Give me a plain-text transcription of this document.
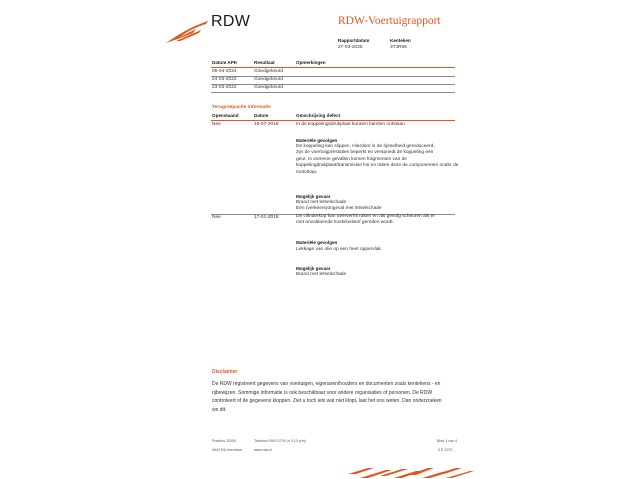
RDW	RDW-Voertuigrapport
Rapportdatum
27-03-2025
Kenteken
3TJR65
Datum APK	Resultaat	Opmerkingen
05-04-2024	Goedgekeurd
24-03-2023	Goedgekeurd
23-03-2022	Goedgekeurd
Terugroepactie informatie
Openstaand	Datum	Omschrijving defect
Nee	15-07-2018	In de koppelingsdrukplaat kunnen barsten ontstaan.
Materiële gevolgen
De koppeling kan slippen. Hierdoor is de rijsnelheid gereduceerd,
zijn de voertuigprestaties beperkt en verspreidt de koppeling een
geur. In extreme gevallen komen fragmenten van de
koppelingdrukplaat/transmissie los en raken deze de componenten onder de
motorkap.
Mogelijk gevaar
Brand met letselschade
Een (verkeers)ongeval met letselschade
Nee	17-01-2018	De cilinderkop kan oververhit raken en als gevolg scheuren als er
met onvoldoende koelvloeistof gereden wordt.
Materiële gevolgen
Lekkage van olie op een heet oppervlak.
Mogelijk gevaar
Brand met letselschade
Disclaimer
De RDW registreert gegevens van voertuigen, eigenaren/houders en documenten zoals kentekens - en
rijbewijzen. Sommige informatie is ook beschikbaar voor andere organisaties of personen. De RDW
controleert of de gegevens kloppen. Ziet u toch iets wat niet klopt, laat het ons weten. Dan onderzoeken
we dit.
Postbus 30000
9640 RA Veendam
Telefoon 0900 0739 (¤ 0,10 p/m)
www.rdw.nl
Blad 4 van 4
3 E 1070
